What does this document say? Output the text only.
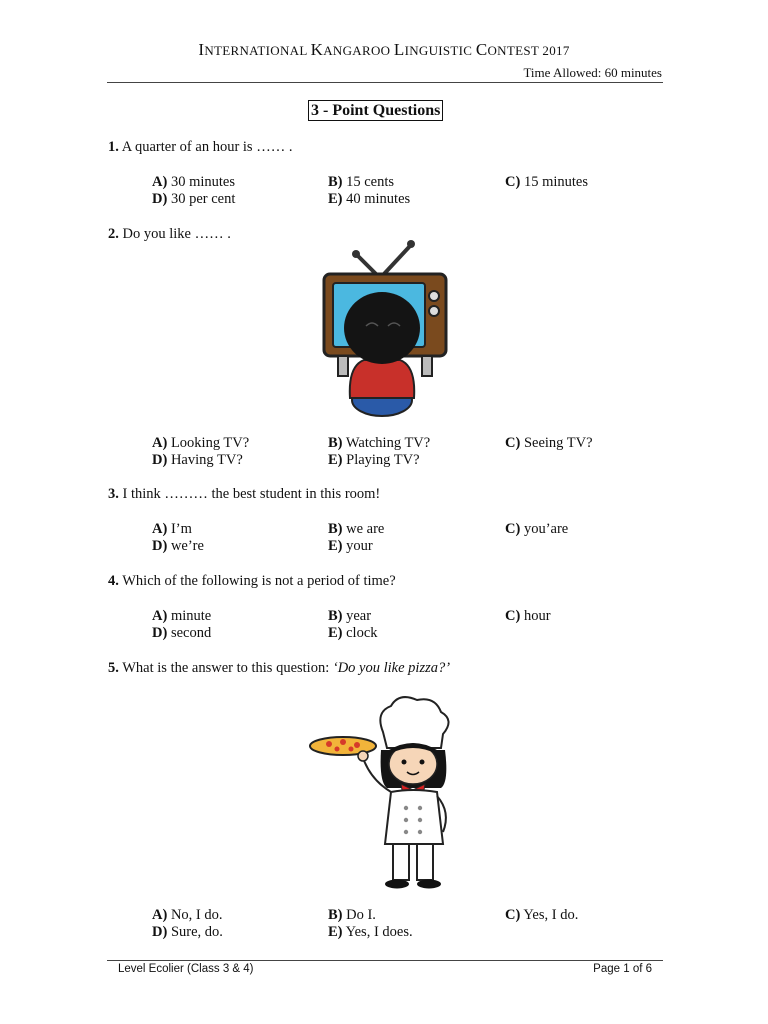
INTERNATIONAL KANGAROO LINGUISTIC CONTEST 2017
Time Allowed: 60 minutes
3 - Point Questions
1. A quarter of an hour is …… .
A) 30 minutes	B) 15 cents	C) 15 minutes
D) 30 per cent	E) 40 minutes
2. Do you like …… .
A) Looking TV?	B) Watching TV?	C) Seeing TV?
D) Having TV?	E) Playing TV?
3. I think ……… the best student in this room!
A) I’m	B) we are	C) you’are
D) we’re	E) your
4. Which of the following is not a period of time?
A) minute	B) year	C) hour
D) second	E) clock
5. What is the answer to this question: ‘Do you like pizza?’
A) No, I do.	B) Do I.	C) Yes, I do.
D) Sure, do.	E) Yes, I does.
Level Ecolier (Class 3 & 4)	Page 1 of 6
